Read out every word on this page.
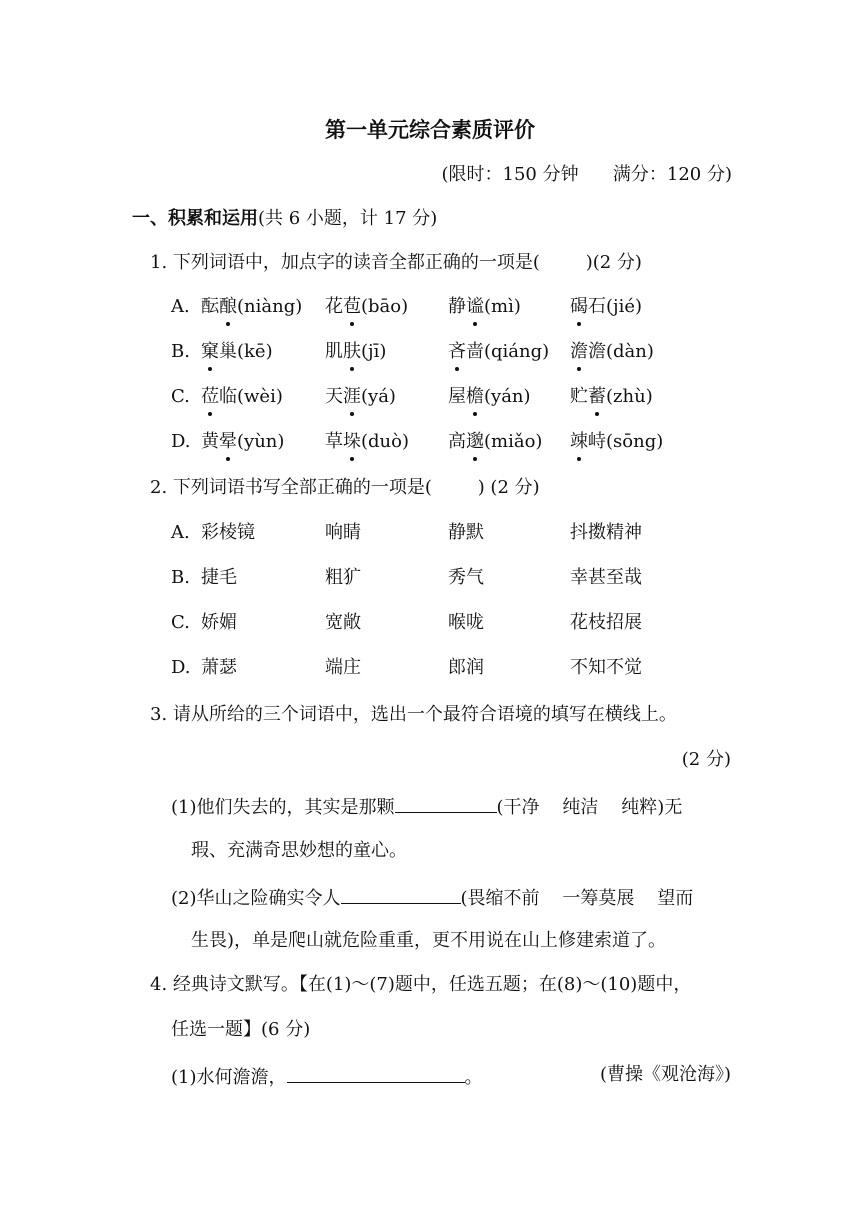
第一单元综合素质评价
(限时：150 分钟      满分：120 分)
一、积累和运用(共 6 小题，计 17 分)
1. 下列词语中，加点字的读音全都正确的一项是(        )(2 分)
A. 酝酿(niàng) 花苞(bāo) 静谧(mì)	碣石(jié)
B. 窠巢(kē)	肌肤(jī)	吝啬(qiáng) 澹澹(dàn)
C. 莅临(wèi) 天涯(yá)	屋檐(yán) 贮蓄(zhù)
D. 黄晕(yùn) 草垛(duò) 高邈(miǎo) 竦峙(sōng)
2. 下列词语书写全部正确的一项是(        ) (2 分)
A. 彩棱镜	响睛	静默	抖擞精神
B. 捷毛	粗犷	秀气	幸甚至哉
C. 娇媚	宽敞	喉咙	花枝招展
D. 萧瑟	端庄	郎润	不知不觉
3. 请从所给的三个词语中，选出一个最符合语境的填写在横线上。
(2 分)
(1)他们失去的，其实是那颗	(干净    纯洁    纯粹)无
瑕、充满奇思妙想的童心。
(2)华山之险确实令人	(畏缩不前    一筹莫展    望而
生畏)，单是爬山就危险重重，更不用说在山上修建索道了。
4. 经典诗文默写。【在(1)～(7)题中，任选五题；在(8)～(10)题中，
任选一题】(6 分)
(1)水何澹澹，	。	(曹操《观沧海》)
